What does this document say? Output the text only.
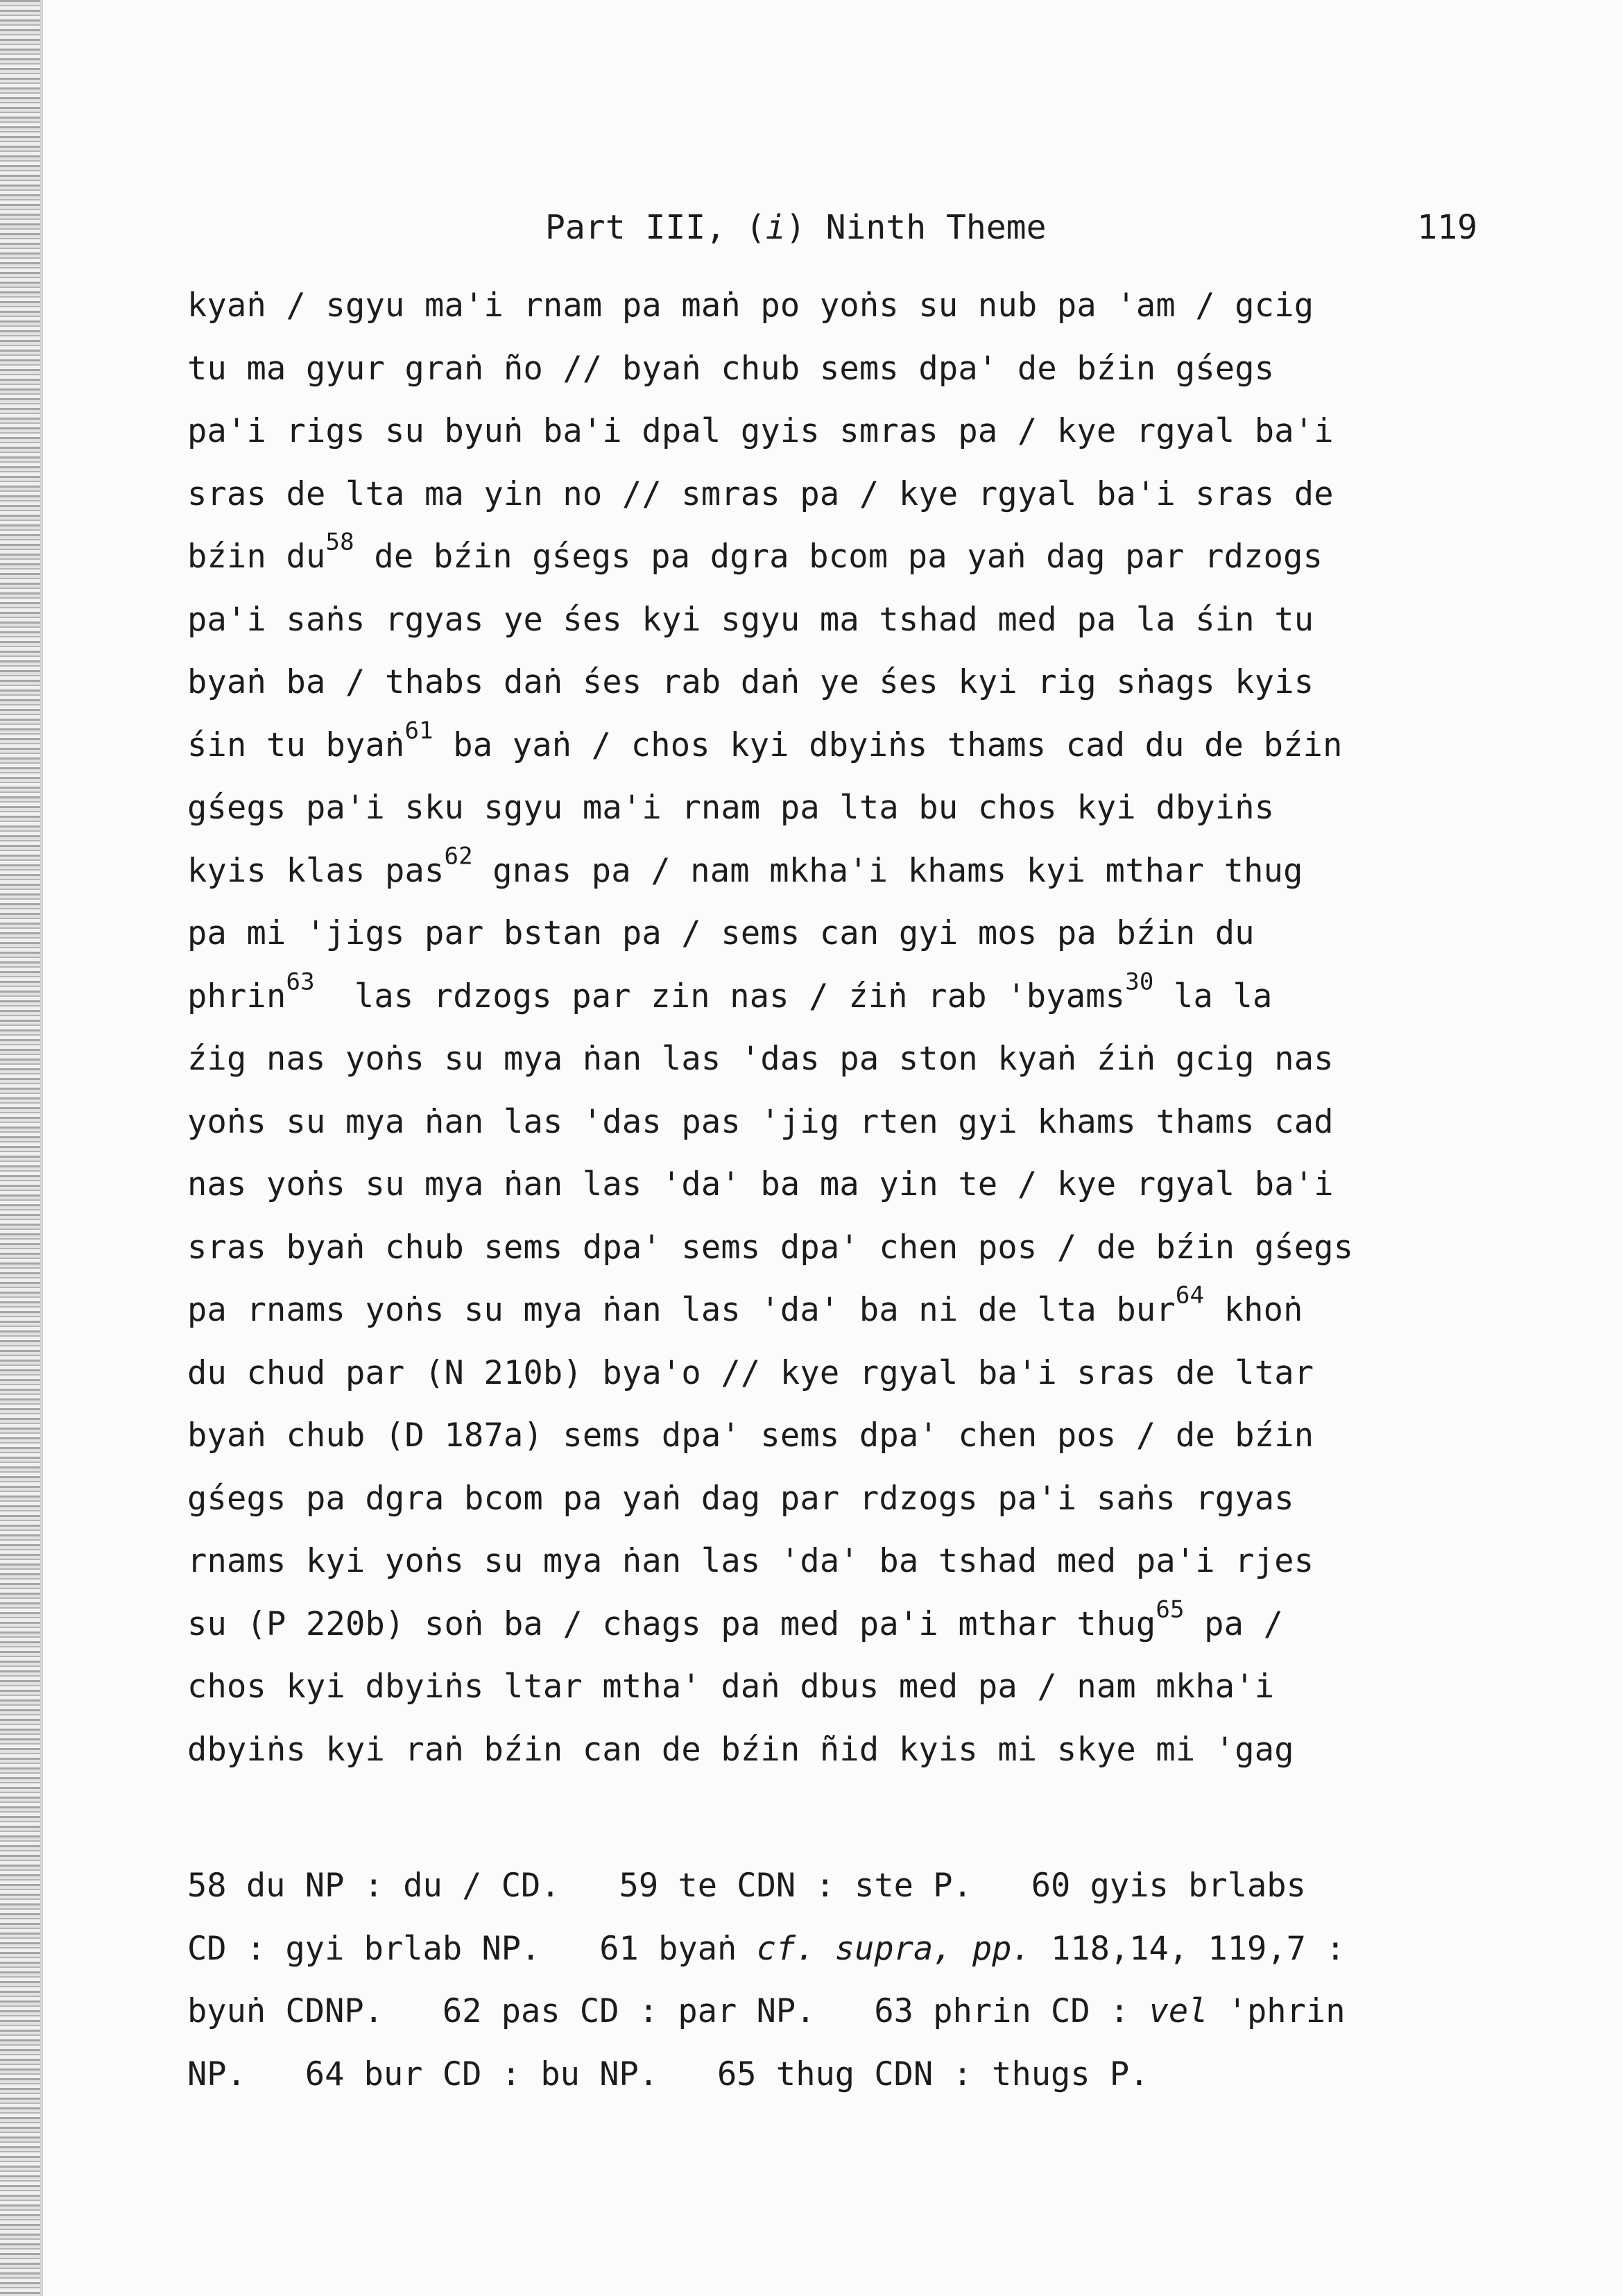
Part III, (i) Ninth Theme	119
kyaṅ / sgyu ma'i rnam pa maṅ po yoṅs su nub pa 'am / gcig
tu ma gyur graṅ ño // byaṅ chub sems dpa' de bźin gśegs
pa'i rigs su byuṅ ba'i dpal gyis smras pa / kye rgyal ba'i
sras de lta ma yin no // smras pa / kye rgyal ba'i sras de
bźin $du^{58}$ de bźin gśegs pa dgra bcom pa yaṅ dag par rdzogs
pa'i saṅs rgyas ye śes kyi sgyu ma tshad med pa la śin tu
byaṅ ba / thabs daṅ śes rab daṅ ye śes kyi rig sṅags kyis
śin tu byaṅ$^{61}$ ba yaṅ / chos kyi dbyiṅs thams cad du de bźin
gśegs pa'i sku sgyu ma'i rnam pa lta bu chos kyi dbyiṅs
kyis klas pas$^{62}$ gnas pa / nam mkha'i khams kyi mthar thug
pa mi 'jigs par bstan pa / sems can gyi mos pa bźin du
phrin$^{63}$  las rdzogs par zin nas / źiṅ rab 'byams$^{30}$ la la
źig nas yoṅs su mya ṅan las 'das pa ston kyaṅ źiṅ gcig nas
yoṅs su mya ṅan las 'das pas 'jig rten gyi khams thams cad
nas yoṅs su mya ṅan las 'da' ba ma yin te / kye rgyal ba'i
sras byaṅ chub sems dpa' sems dpa' chen pos / de bźin gśegs
pa rnams yoṅs su mya ṅan las 'da' ba ni de lta bur$^{64}$ khoṅ
du chud par (N 210b) bya'o // kye rgyal ba'i sras de ltar
byaṅ chub (D 187a) sems dpa' sems dpa' chen pos / de bźin
gśegs pa dgra bcom pa yaṅ dag par rdzogs pa'i saṅs rgyas
rnams kyi yoṅs su mya ṅan las 'da' ba tshad med pa'i rjes
su (P 220b) soṅ ba / chags pa med pa'i mthar thug$^{65}$ pa /
chos kyi dbyiṅs ltar mtha' daṅ dbus med pa / nam mkha'i
dbyiṅs kyi raṅ bźin can de bźin ñid kyis mi skye mi 'gag
58 du NP : du / CD.   59 te CDN : ste P.   60 gyis brlabs
CD : gyi brlab NP.   61 byaṅ cf. supra, pp. 118,14, 119,7 :
byuṅ CDNP.   62 pas CD : par NP.   63 phrin CD : vel 'phrin
NP.   64 bur CD : bu NP.   65 thug CDN : thugs P.
